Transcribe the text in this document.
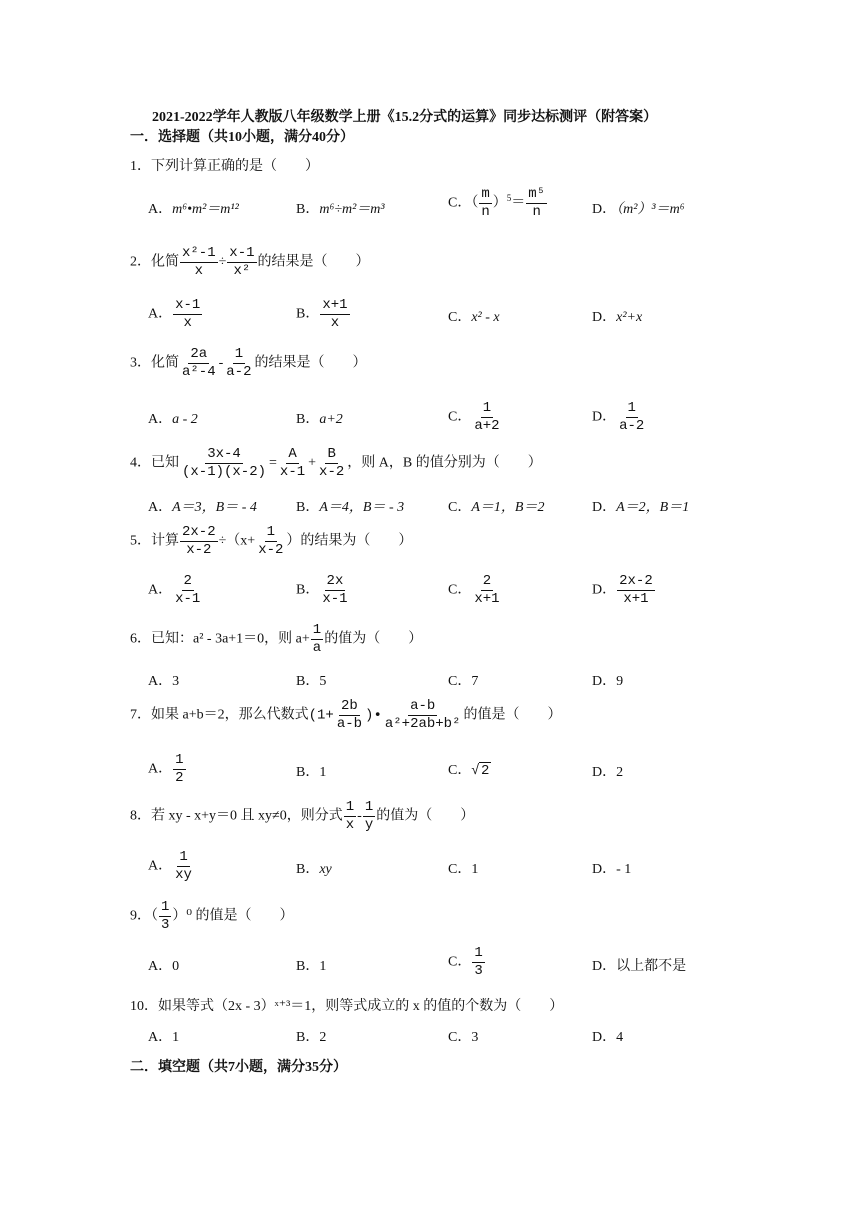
2021-2022学年人教版八年级数学上册《15.2分式的运算》同步达标测评（附答案）
一．选择题（共10小题，满分40分）
1．下列计算正确的是（　　）
A．m⁶•m²＝m¹²	B．m⁶÷m²＝m³	C．（ $\frac{m}{n} )^5= \frac{\text{m⁵}}{n}$	D．（m²）³＝m⁶
2．化简 $\frac{\text{x²-1}}{x} \div \frac{x-1}{\text{x²}}$ 的结果是（　　）
A． $\frac{x-1}{x}$	B． $\frac{x+1}{x}$	C．x² - x	D．x²+x
3．化简 $\frac{2a}{\text{a²-4}} - \frac{1}{a-2}$ 的结果是（　　）
A．a - 2	B．a+2	C． $\frac{1}{a+2}$	D． $\frac{1}{a-2}$
4．已知 $\frac{3x-4}{(x-1)(x-2)} = \frac{A}{x-1} + \frac{B}{x-2}$ ，则 A，B 的值分别为（　　）
A．A＝3，B＝ - 4	B．A＝4，B＝ - 3	C．A＝1，B＝2	D．A＝2，B＝1
5．计算 $\frac{2x-2}{x-2} \div(x+ \frac{1}{x-2}$ ）的结果为（　　）
A． $\frac{2}{x-1}$	B． $\frac{2x}{x-1}$	C． $\frac{2}{x+1}$	D． $\frac{2x-2}{x+1}$
6．已知：a² - 3a+1＝0，则 $a+ \frac{1}{a}$ 的值为（　　）
A．3	B．5	C．7	D．9
7．如果 a+b＝2，那么代数式($1+ \frac{2b}{a-b}$ )• $\frac{a-b}{\text{a²+2ab+b²}}$ 的值是（　　）
A． $\frac{1}{2}$	B．1	C．√ 2	D．2
8．若 xy - x+y＝0 且 xy≠0，则分式 $\frac{1}{x} - \frac{1}{y}$ 的值为（　　）
A． $\frac{1}{xy}$	B．xy	C．1	D．- 1
9．（ $\frac{1}{3} )^0$ 的值是（　　）
A．0	B．1	C． $\frac{1}{3}$	D．以上都不是
10．如果等式（2x - 3）ˣ⁺³＝1，则等式成立的 x 的值的个数为（　　）
A．1	B．2	C．3	D．4
二．填空题（共7小题，满分35分）
